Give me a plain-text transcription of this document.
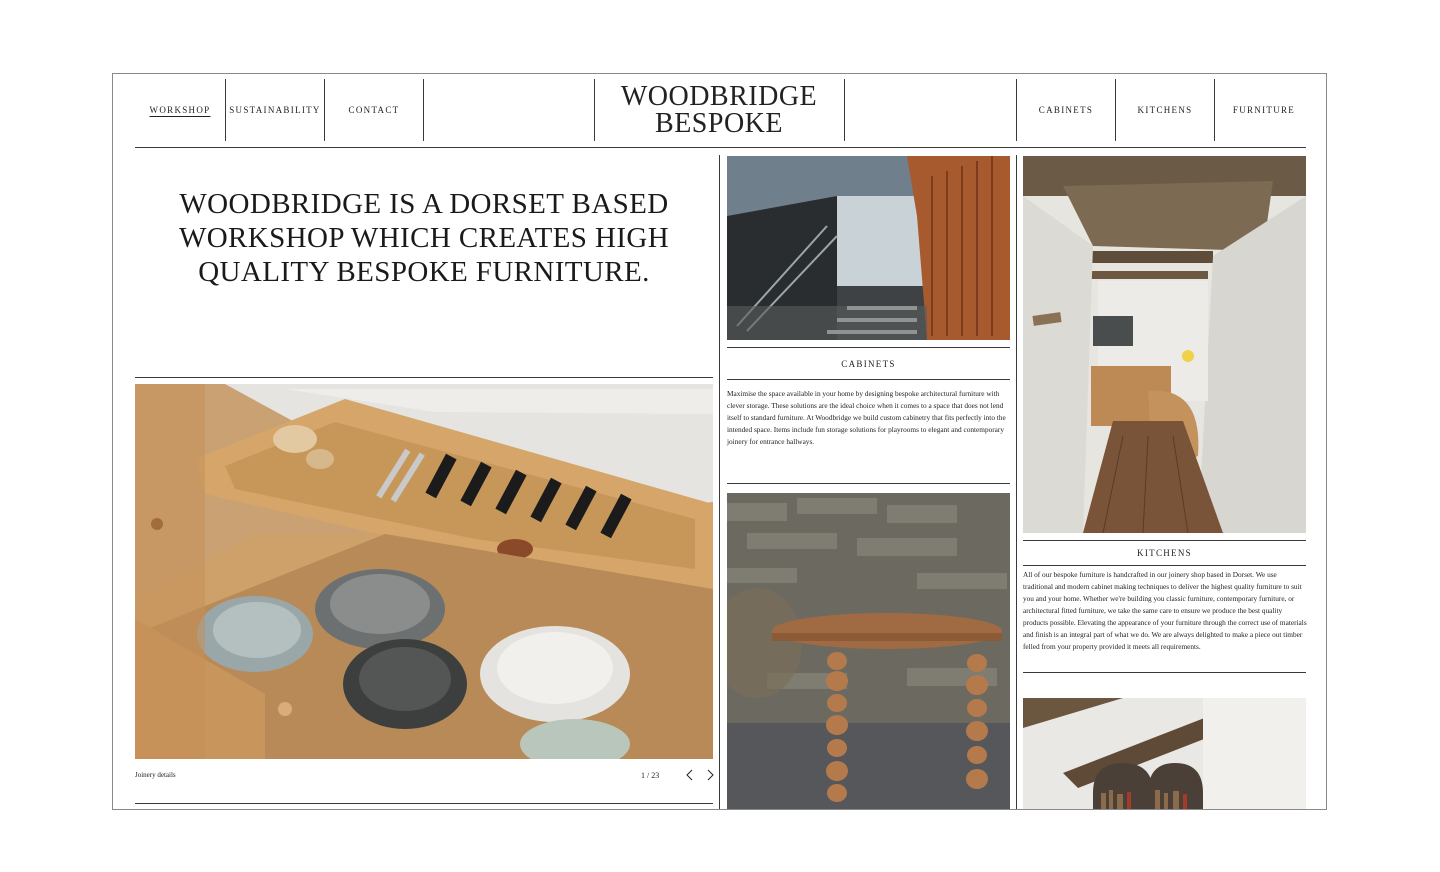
WORKSHOP SUSTAINABILITY	CONTACT	WOODBRIDGE
BESPOKE	CABINETS	KITCHENS	FURNITURE
WOODBRIDGE IS A DORSET BASED WORKSHOP WHICH CREATES HIGH QUALITY BESPOKE FURNITURE.
Joinery details	1 / 23
CABINETS

Maximise the space available in your home by designing bespoke architectural furniture with clever storage. These solutions are the ideal choice when it comes to a space that does not lend itself to standard furniture. At Woodbridge we build custom cabinetry that fits perfectly into the intended space. Items include fun storage solutions for playrooms to elegant and contemporary joinery for entrance hallways.

KITCHENS

All of our bespoke furniture is handcrafted in our joinery shop based in Dorset. We use traditional and modern cabinet making techniques to deliver the highest quality furniture to suit you and your home. Whether we're building you classic furniture, contemporary furniture, or architectural fitted furniture, we take the same care to ensure we produce the best quality products possible. Elevating the appearance of your furniture through the correct use of materials and finish is an integral part of what we do. We are always delighted to make a piece out timber felled from your property provided it meets all requirements.
